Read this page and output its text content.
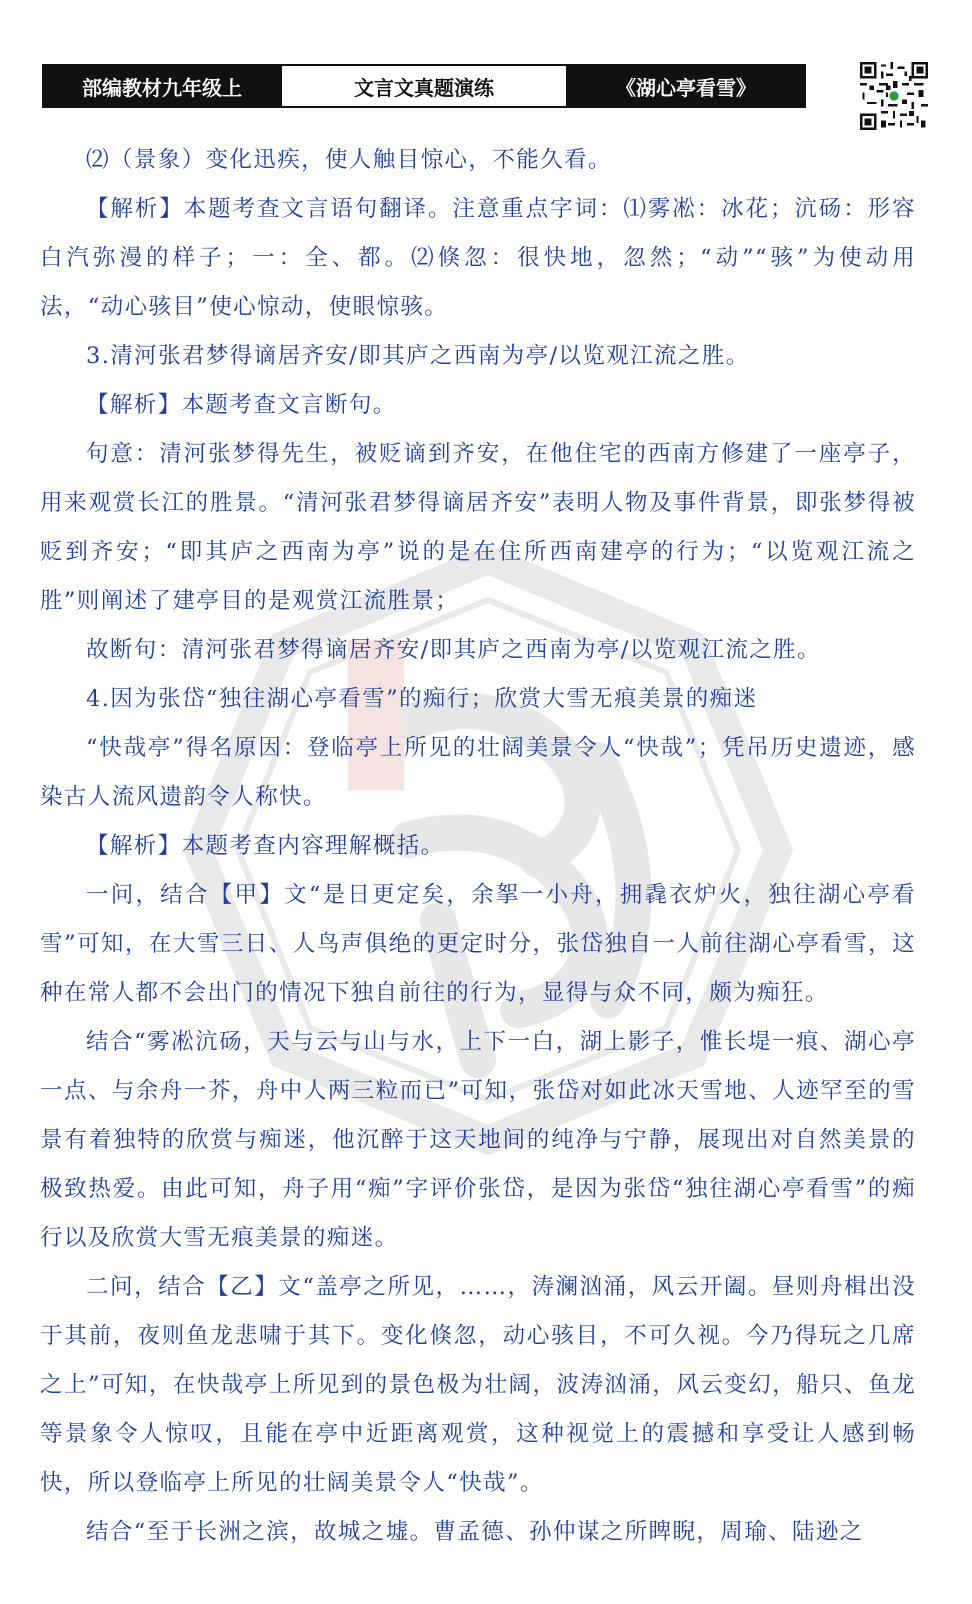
部编教材九年级上	文言文真题演练	《湖心亭看雪》

⑵（景象）变化迅疾，使人触目惊心，不能久看。

【解析】本题考查文言语句翻译。注意重点字词：⑴雾凇：冰花；沆砀：形容白汽弥漫的样子；一：全、都。⑵倏忽：很快地，忽然；“动”“骇”为使动用法，“动心骇目”使心惊动，使眼惊骇。

3.清河张君梦得谪居齐安/即其庐之西南为亭/以览观江流之胜。

【解析】本题考查文言断句。

句意：清河张梦得先生，被贬谪到齐安，在他住宅的西南方修建了一座亭子，用来观赏长江的胜景。“清河张君梦得谪居齐安”表明人物及事件背景，即张梦得被贬到齐安；“即其庐之西南为亭”说的是在住所西南建亭的行为；“以览观江流之胜”则阐述了建亭目的是观赏江流胜景；

故断句：清河张君梦得谪居齐安/即其庐之西南为亭/以览观江流之胜。

4.因为张岱“独往湖心亭看雪”的痴行；欣赏大雪无痕美景的痴迷

“快哉亭”得名原因：登临亭上所见的壮阔美景令人“快哉”；凭吊历史遗迹，感染古人流风遗韵令人称快。

【解析】本题考查内容理解概括。

一问，结合【甲】文“是日更定矣，余挐一小舟，拥毳衣炉火，独往湖心亭看雪”可知，在大雪三日、人鸟声俱绝的更定时分，张岱独自一人前往湖心亭看雪，这种在常人都不会出门的情况下独自前往的行为，显得与众不同，颇为痴狂。

结合“雾凇沆砀，天与云与山与水，上下一白，湖上影子，惟长堤一痕、湖心亭一点、与余舟一芥，舟中人两三粒而已”可知，张岱对如此冰天雪地、人迹罕至的雪景有着独特的欣赏与痴迷，他沉醉于这天地间的纯净与宁静，展现出对自然美景的极致热爱。由此可知，舟子用“痴”字评价张岱，是因为张岱“独往湖心亭看雪”的痴行以及欣赏大雪无痕美景的痴迷。

二问，结合【乙】文“盖亭之所见，……，涛澜汹涌，风云开阖。昼则舟楫出没于其前，夜则鱼龙悲啸于其下。变化倏忽，动心骇目，不可久视。今乃得玩之几席之上”可知，在快哉亭上所见到的景色极为壮阔，波涛汹涌，风云变幻，船只、鱼龙等景象令人惊叹，且能在亭中近距离观赏，这种视觉上的震撼和享受让人感到畅快，所以登临亭上所见的壮阔美景令人“快哉”。

结合“至于长洲之滨，故城之墟。曹孟德、孙仲谋之所睥睨，周瑜、陆逊之
